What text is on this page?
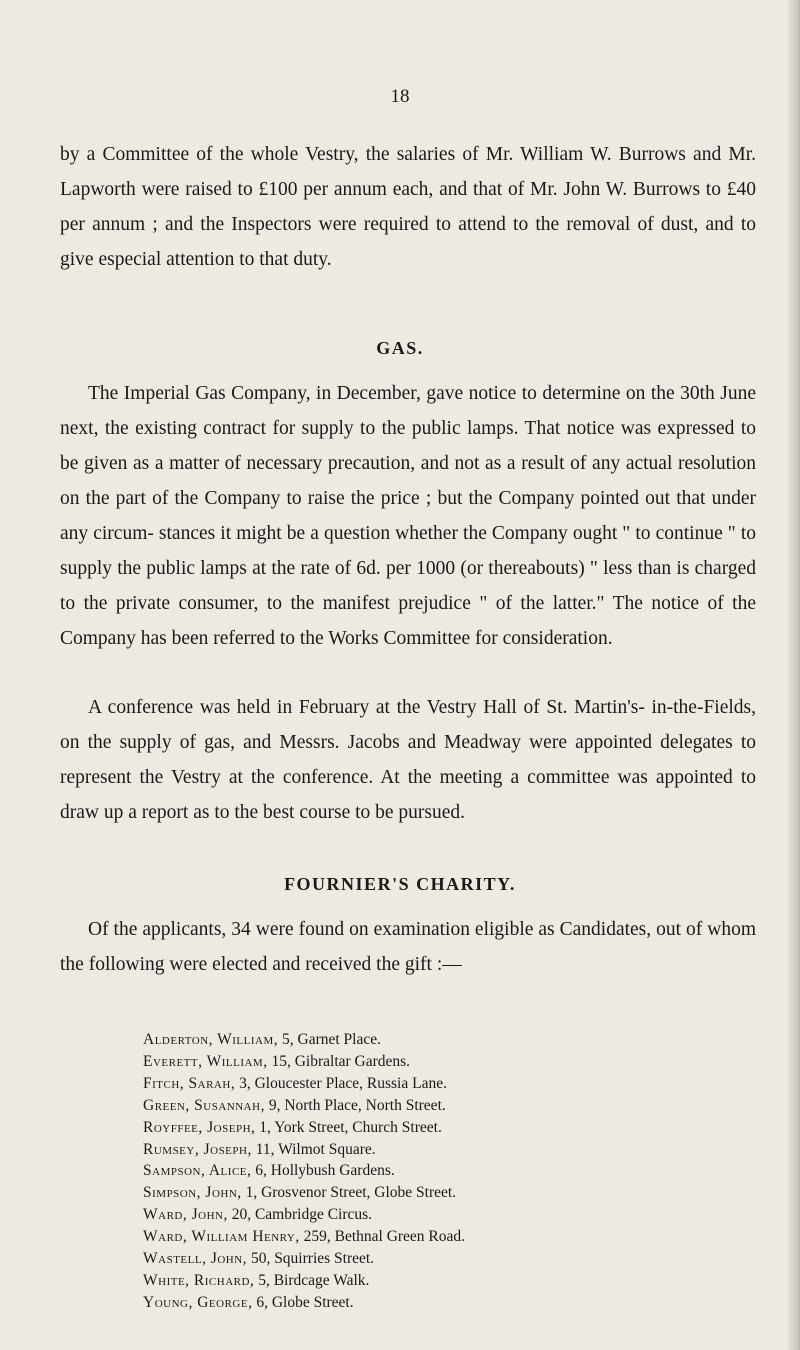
18

by a Committee of the whole Vestry, the salaries of Mr. William W. Burrows and Mr. Lapworth were raised to £100 per annum each, and that of Mr. John W. Burrows to £40 per annum ; and the Inspectors were required to attend to the removal of dust, and to give especial attention to that duty.

GAS.

The Imperial Gas Company, in December, gave notice to determine on the 30th June next, the existing contract for supply to the public lamps. That notice was expressed to be given as a matter of necessary precaution, and not as a result of any actual resolution on the part of the Company to raise the price ; but the Company pointed out that under any circum- stances it might be a question whether the Company ought " to continue " to supply the public lamps at the rate of 6d. per 1000 (or thereabouts) " less than is charged to the private consumer, to the manifest prejudice " of the latter." The notice of the Company has been referred to the Works Committee for consideration.

A conference was held in February at the Vestry Hall of St. Martin's- in-the-Fields, on the supply of gas, and Messrs. Jacobs and Meadway were appointed delegates to represent the Vestry at the conference. At the meeting a committee was appointed to draw up a report as to the best course to be pursued.

FOURNIER'S CHARITY.

Of the applicants, 34 were found on examination eligible as Candidates, out of whom the following were elected and received the gift :—

Alderton, William, 5, Garnet Place.
Everett, William, 15, Gibraltar Gardens.
Fitch, Sarah, 3, Gloucester Place, Russia Lane.
Green, Susannah, 9, North Place, North Street.
Royffee, Joseph, 1, York Street, Church Street.
Rumsey, Joseph, 11, Wilmot Square.
Sampson, Alice, 6, Hollybush Gardens.
Simpson, John, 1, Grosvenor Street, Globe Street.
Ward, John, 20, Cambridge Circus.
Ward, William Henry, 259, Bethnal Green Road.
Wastell, John, 50, Squirries Street.
White, Richard, 5, Birdcage Walk.
Young, George, 6, Globe Street.
